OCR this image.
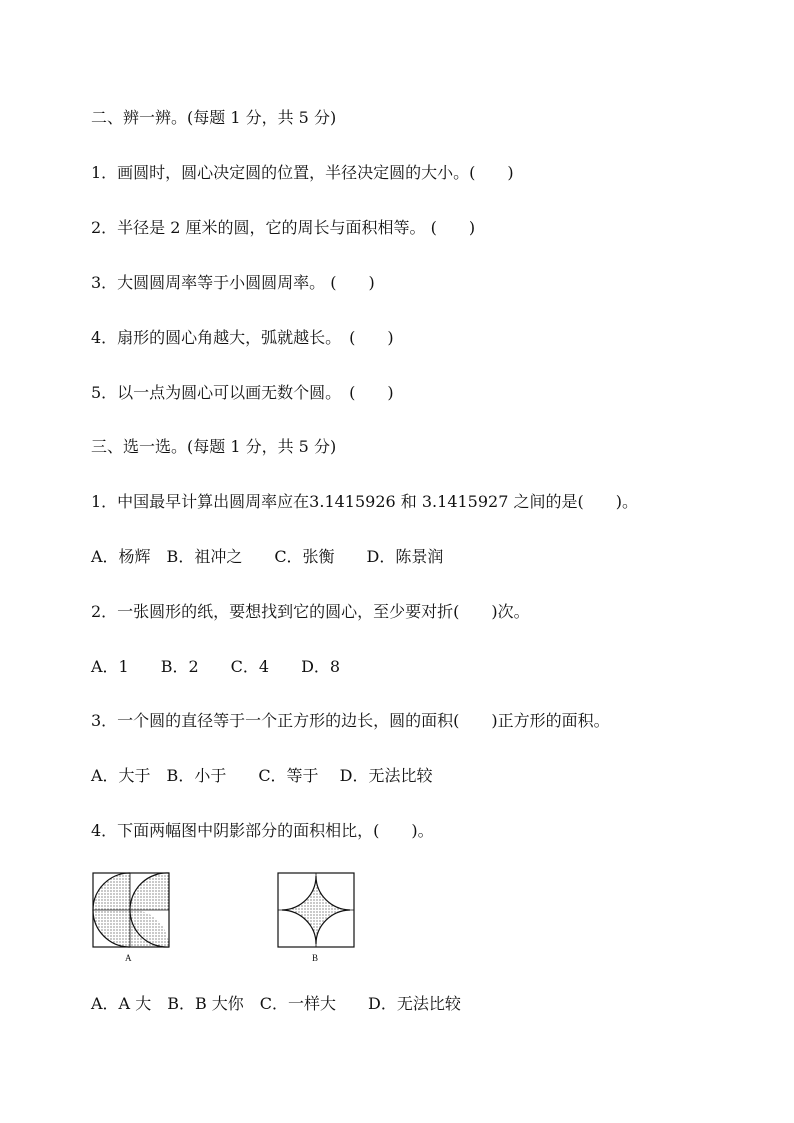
二、辨一辨。(每题 1 分，共 5 分)
1．画圆时，圆心决定圆的位置，半径决定圆的大小。(　　)
2．半径是 2 厘米的圆，它的周长与面积相等。 (　　)
3．大圆圆周率等于小圆圆周率。 (　　)
4．扇形的圆心角越大，弧就越长。　(　　)
5．以一点为圆心可以画无数个圆。　(　　)
三、选一选。(每题 1 分，共 5 分)
1．中国最早计算出圆周率应在3.1415926 和 3.1415927 之间的是(　　)。
A．杨辉　B．祖冲之　　C．张衡　　D．陈景润
2．一张圆形的纸，要想找到它的圆心，至少要对折(　　)次。
A．1　　B．2　　C．4　　D．8
3．一个圆的直径等于一个正方形的边长，圆的面积(　　)正方形的面积。
A．大于　B．小于　　C．等于　 D．无法比较
4．下面两幅图中阴影部分的面积相比，(　　)。
A	B
A．A 大　B．B 大你　C．一样大　　D．无法比较
